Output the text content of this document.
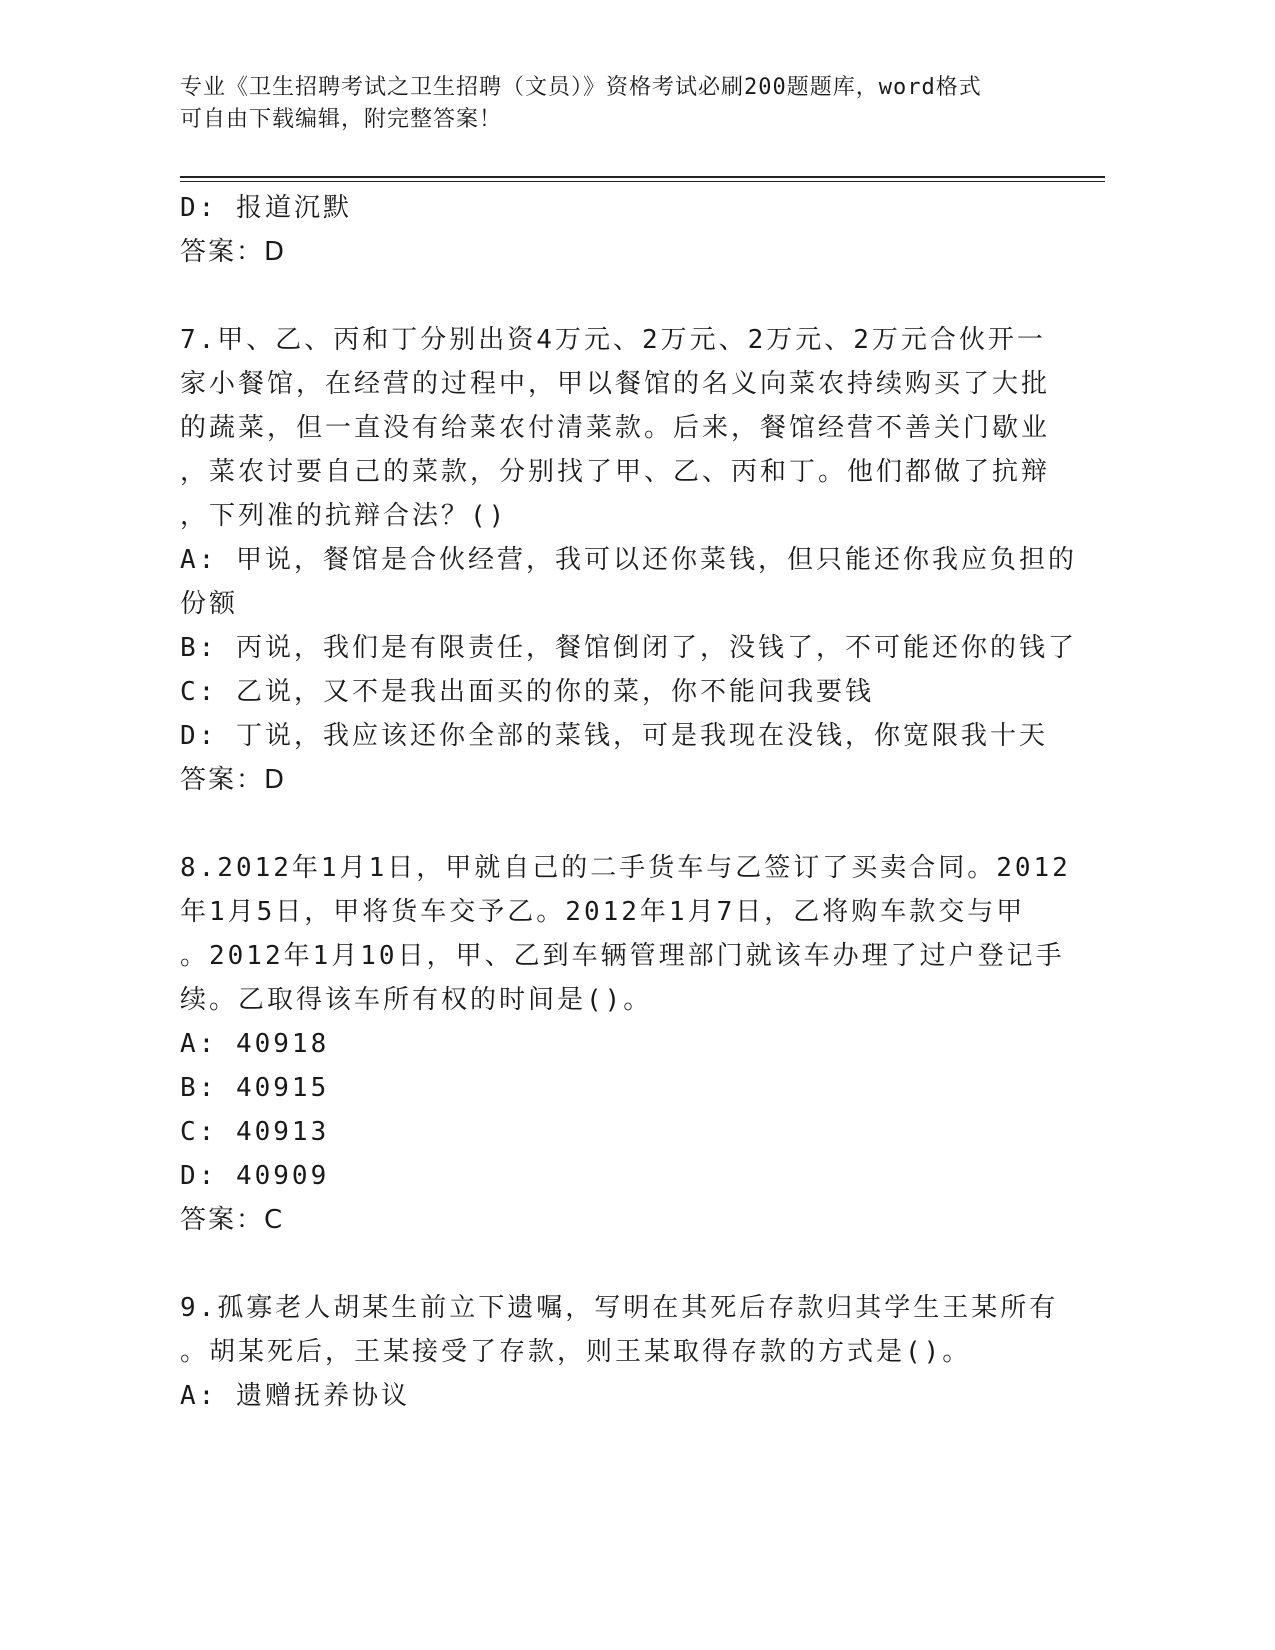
专业《卫生招聘考试之卫生招聘（文员）》资格考试必刷200题题库，word格式
可自由下载编辑，附完整答案！
D: 报道沉默
答案：D
7.甲、乙、丙和丁分别出资4万元、2万元、2万元、2万元合伙开一
家小餐馆，在经营的过程中，甲以餐馆的名义向菜农持续购买了大批
的蔬菜，但一直没有给菜农付清菜款。后来，餐馆经营不善关门歇业
，菜农讨要自己的菜款，分别找了甲、乙、丙和丁。他们都做了抗辩
，下列准的抗辩合法？()
A: 甲说，餐馆是合伙经营，我可以还你菜钱，但只能还你我应负担的
份额
B: 丙说，我们是有限责任，餐馆倒闭了，没钱了，不可能还你的钱了
C: 乙说，又不是我出面买的你的菜，你不能问我要钱
D: 丁说，我应该还你全部的菜钱，可是我现在没钱，你宽限我十天
答案：D
8.2012年1月1日，甲就自己的二手货车与乙签订了买卖合同。2012
年1月5日，甲将货车交予乙。2012年1月7日，乙将购车款交与甲
。2012年1月10日，甲、乙到车辆管理部门就该车办理了过户登记手
续。乙取得该车所有权的时间是()。
A: 40918
B: 40915
C: 40913
D: 40909
答案：C
9.孤寡老人胡某生前立下遗嘱，写明在其死后存款归其学生王某所有
。胡某死后，王某接受了存款，则王某取得存款的方式是()。
A: 遗赠抚养协议
